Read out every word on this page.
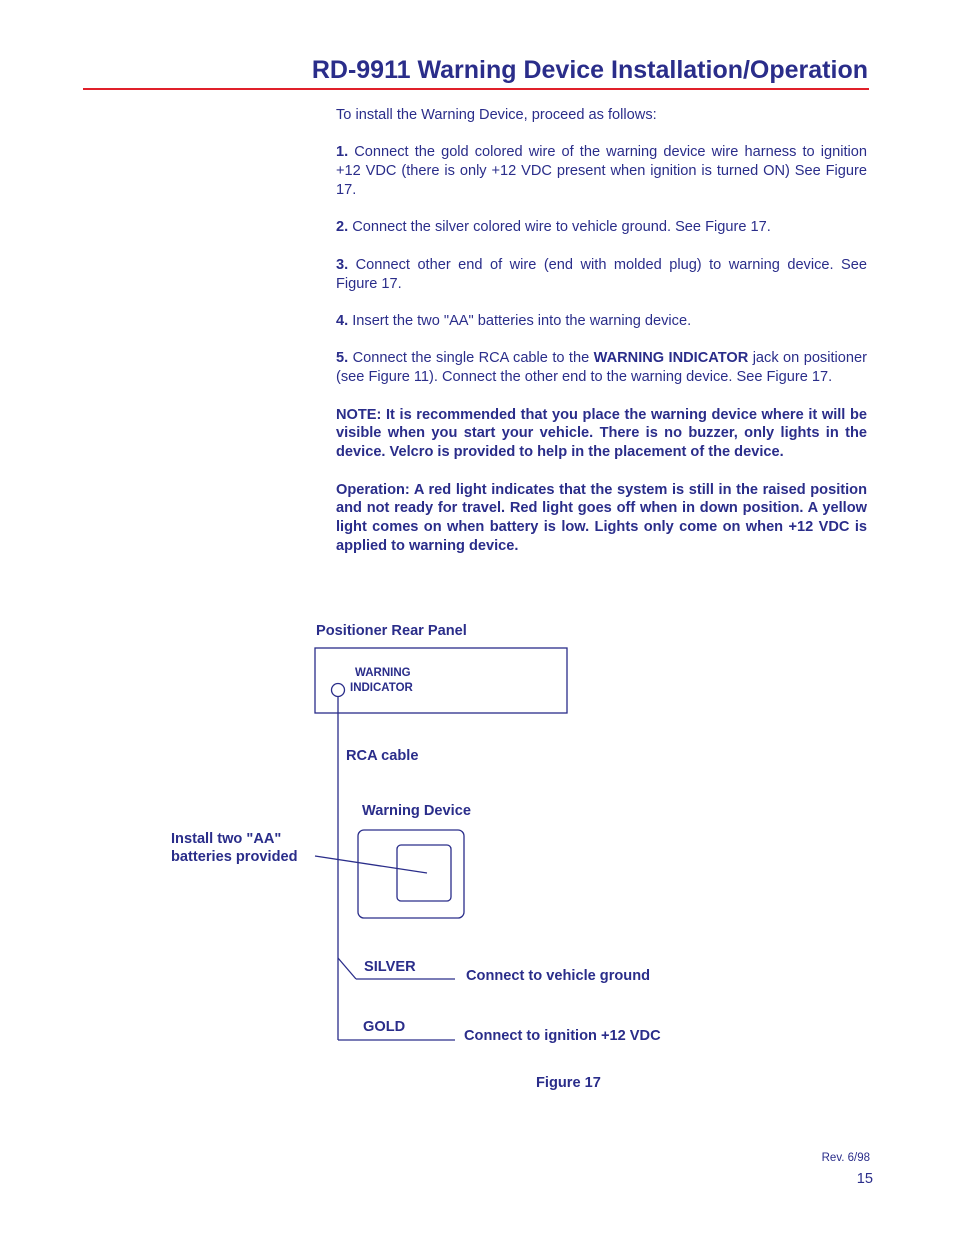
RD-9911 Warning Device Installation/Operation

To install the Warning Device, proceed as follows:

1. Connect the gold colored wire of the warning device wire harness to ignition +12 VDC (there is only +12 VDC present when ignition is turned ON) See Figure 17.

2. Connect the silver colored wire to vehicle ground. See Figure 17.

3. Connect other end of wire (end with molded plug) to warning device. See Figure 17.

4. Insert the two "AA" batteries into the warning device.

5. Connect the single RCA cable to the WARNING INDICATOR jack on positioner (see Figure 11). Connect the other end to the warning device. See Figure 17.

NOTE: It is recommended that you place the warning device where it will be visible when you start your vehicle. There is no buzzer, only lights in the device. Velcro is provided to help in the placement of the device.

Operation: A red light indicates that the system is still in the raised position and not ready for travel. Red light goes off when in down position. A yellow light comes on when battery is low. Lights only come on when +12 VDC is applied to warning device.

Positioner Rear Panel
WARNING
INDICATOR
RCA cable
Warning Device
Install two "AA"
batteries provided
SILVER
Connect to vehicle ground
GOLD
Connect to ignition +12 VDC
Figure 17
Rev. 6/98
15
